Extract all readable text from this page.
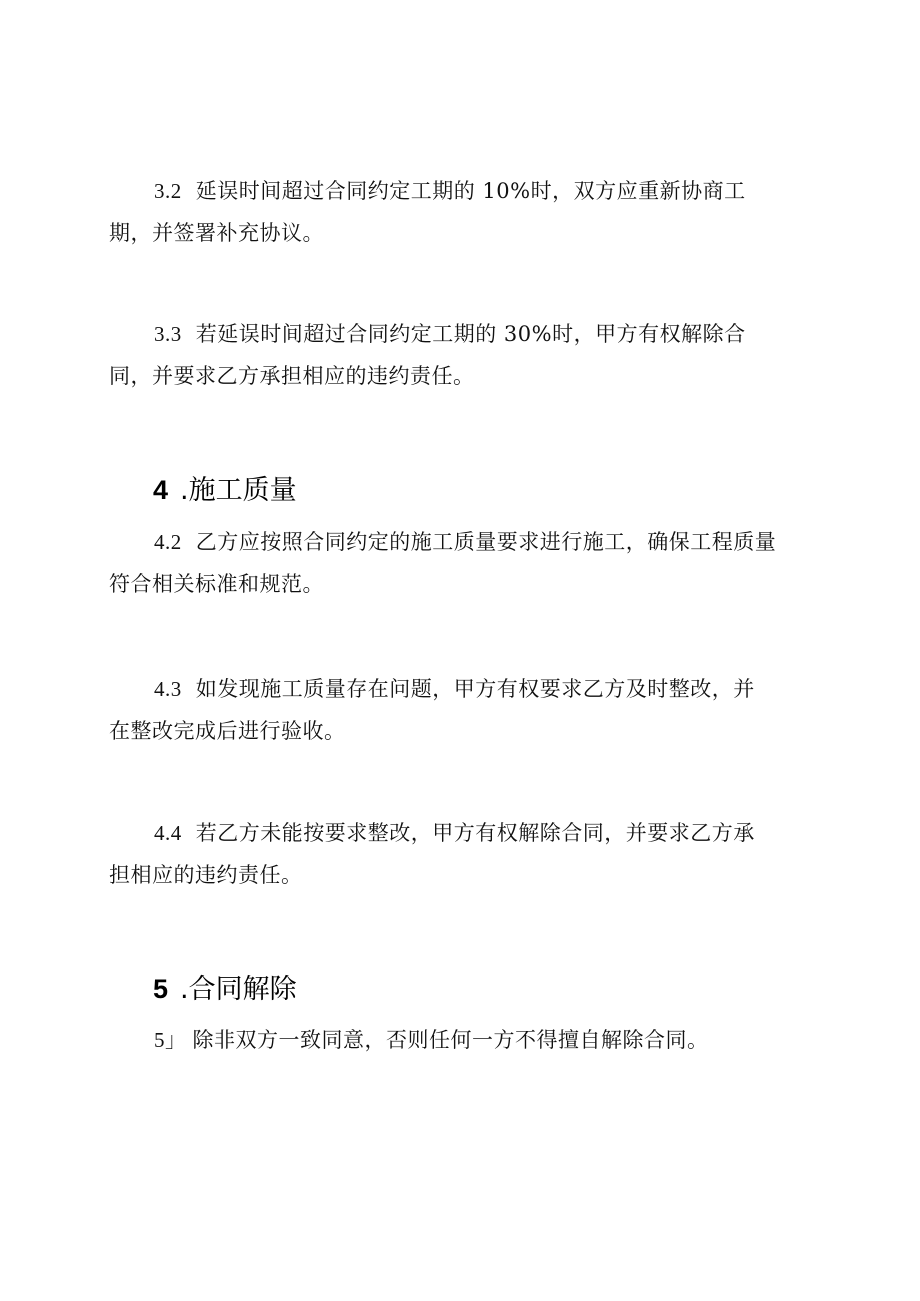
3.2 延误时间超过合同约定工期的 10%时，双方应重新协商工
期，并签署补充协议。

3.3 若延误时间超过合同约定工期的 30%时，甲方有权解除合
同，并要求乙方承担相应的违约责任。

4 .施工质量

4.2 乙方应按照合同约定的施工质量要求进行施工，确保工程质量
符合相关标准和规范。

4.3 如发现施工质量存在问题，甲方有权要求乙方及时整改，并
在整改完成后进行验收。

4.4 若乙方未能按要求整改，甲方有权解除合同，并要求乙方承
担相应的违约责任。

5 .合同解除

5」 除非双方一致同意，否则任何一方不得擅自解除合同。
